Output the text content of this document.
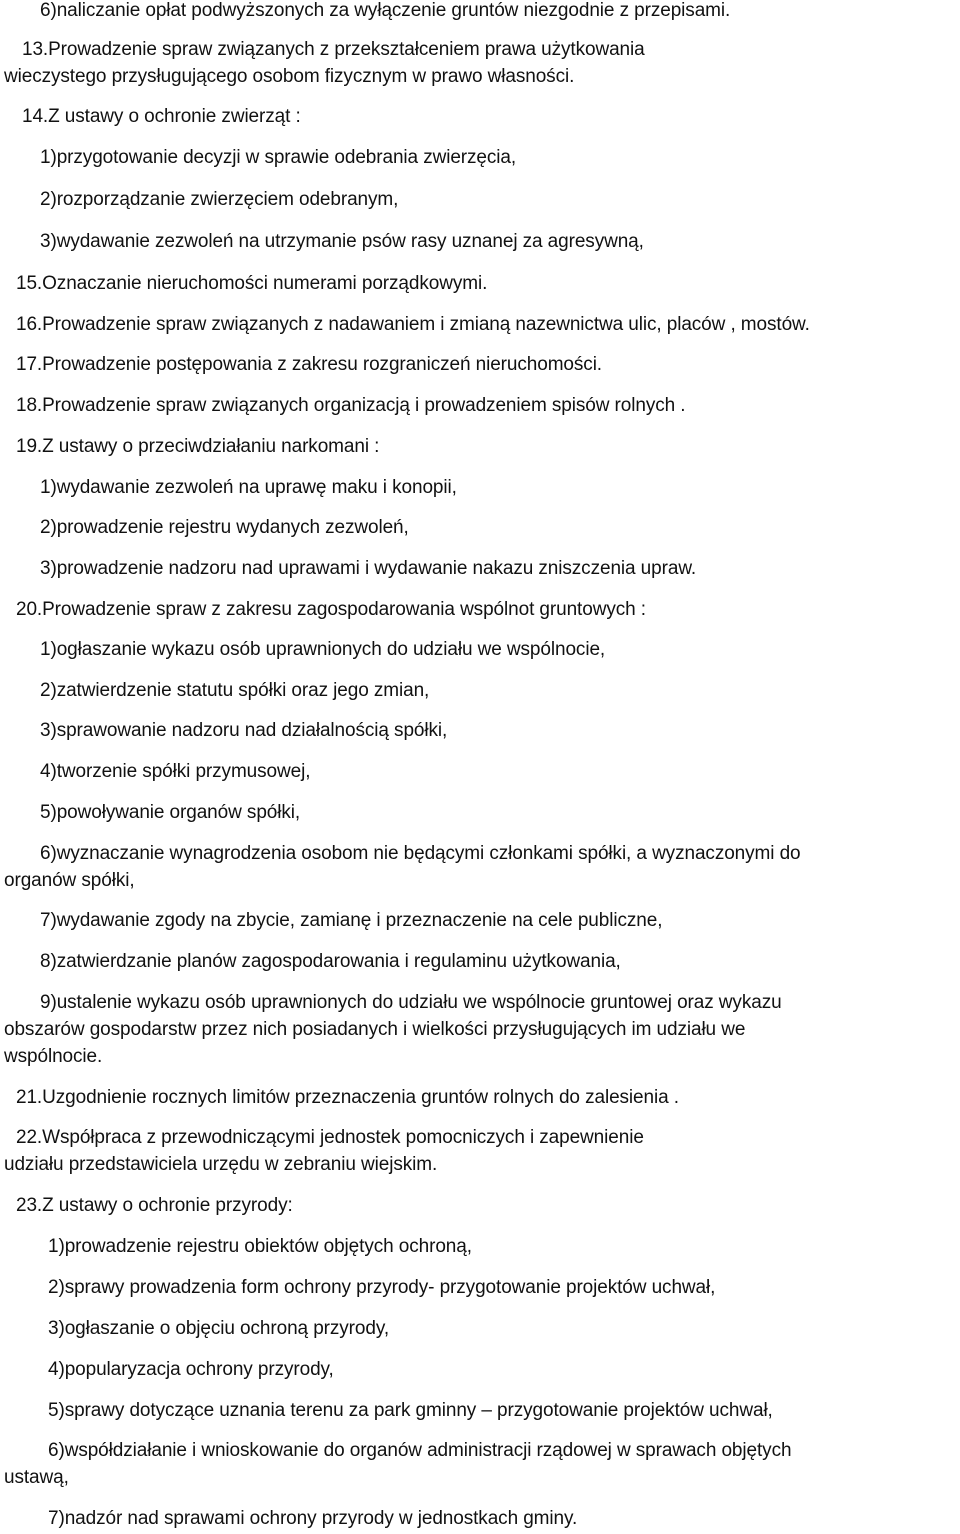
6)naliczanie opłat podwyższonych za wyłączenie gruntów niezgodnie z przepisami.
13.Prowadzenie spraw związanych z przekształceniem prawa użytkowania
wieczystego przysługującego osobom fizycznym w prawo własności.
14.Z ustawy o ochronie zwierząt :
1)przygotowanie decyzji w sprawie odebrania zwierzęcia,
2)rozporządzanie zwierzęciem odebranym,
3)wydawanie zezwoleń na utrzymanie psów rasy uznanej za agresywną,
15.Oznaczanie nieruchomości numerami porządkowymi.
16.Prowadzenie spraw związanych z nadawaniem i zmianą nazewnictwa ulic, placów , mostów.
17.Prowadzenie postępowania z zakresu rozgraniczeń nieruchomości.
18.Prowadzenie spraw związanych organizacją i prowadzeniem spisów rolnych .
19.Z ustawy o przeciwdziałaniu narkomani :
1)wydawanie zezwoleń na uprawę maku i konopii,
2)prowadzenie rejestru wydanych zezwoleń,
3)prowadzenie nadzoru nad uprawami i wydawanie nakazu zniszczenia upraw.
20.Prowadzenie spraw z zakresu zagospodarowania wspólnot gruntowych :
1)ogłaszanie wykazu osób uprawnionych do udziału we wspólnocie,
2)zatwierdzenie statutu spółki oraz jego zmian,
3)sprawowanie nadzoru nad działalnością spółki,
4)tworzenie spółki przymusowej,
5)powoływanie organów spółki,
6)wyznaczanie wynagrodzenia osobom nie będącymi członkami spółki, a wyznaczonymi do
organów spółki,
7)wydawanie zgody na zbycie, zamianę i przeznaczenie na cele publiczne,
8)zatwierdzanie planów zagospodarowania i regulaminu użytkowania,
9)ustalenie wykazu osób uprawnionych do udziału we wspólnocie gruntowej oraz wykazu
obszarów gospodarstw przez nich posiadanych i wielkości przysługujących im udziału we
wspólnocie.
21.Uzgodnienie rocznych limitów przeznaczenia gruntów rolnych do zalesienia .
22.Współpraca z przewodniczącymi jednostek pomocniczych i zapewnienie
udziału przedstawiciela urzędu w zebraniu wiejskim.
23.Z ustawy o ochronie przyrody:
1)prowadzenie rejestru obiektów objętych ochroną,
2)sprawy prowadzenia form ochrony przyrody- przygotowanie projektów uchwał,
3)ogłaszanie o objęciu ochroną przyrody,
4)popularyzacja ochrony przyrody,
5)sprawy dotyczące uznania terenu za park gminny – przygotowanie projektów uchwał,
6)współdziałanie i wnioskowanie do organów administracji rządowej w sprawach objętych
ustawą,
7)nadzór nad sprawami ochrony przyrody w jednostkach gminy.
